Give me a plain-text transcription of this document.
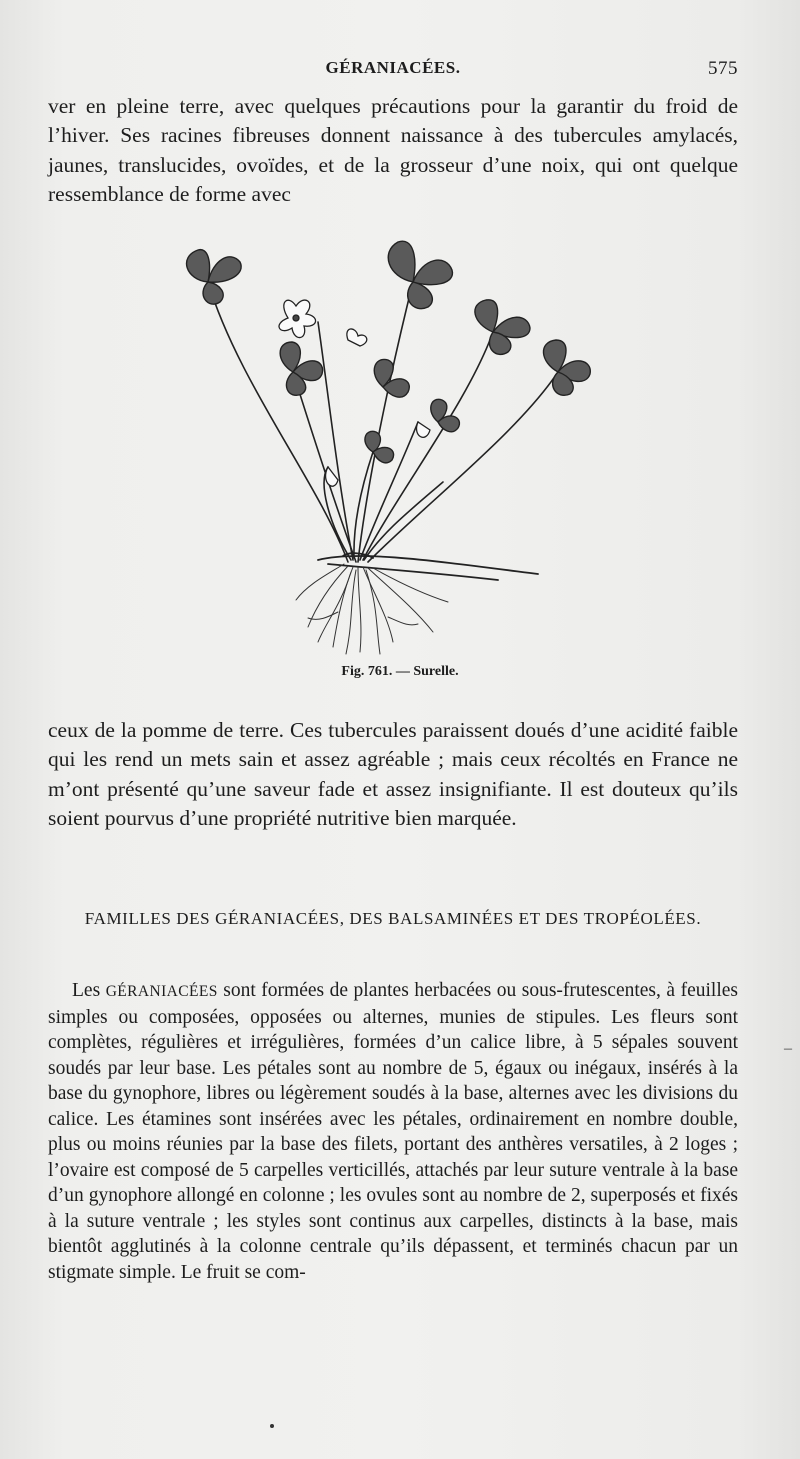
GÉRANIACÉES.	575

ver en pleine terre, avec quelques précautions pour la garantir du froid de l’hiver. Ses racines fibreuses donnent naissance à des tubercules amylacés, jaunes, translucides, ovoïdes, et de la grosseur d’une noix, qui ont quelque ressemblance de forme avec

Fig. 761. — Surelle.

ceux de la pomme de terre. Ces tubercules paraissent doués d’une acidité faible qui les rend un mets sain et assez agréable ; mais ceux récoltés en France ne m’ont présenté qu’une saveur fade et assez insignifiante. Il est douteux qu’ils soient pourvus d’une propriété nutritive bien marquée.

FAMILLES DES GÉRANIACÉES, DES BALSAMINÉES ET DES TROPÉOLÉES.

Les GÉRANIACÉES sont formées de plantes herbacées ou sous-frutescentes, à feuilles simples ou composées, opposées ou alternes, munies de stipules. Les fleurs sont complètes, régulières et irrégulières, formées d’un calice libre, à 5 sépales souvent soudés par leur base. Les pétales sont au nombre de 5, égaux ou inégaux, insérés à la base du gynophore, libres ou légèrement soudés à la base, alternes avec les divisions du calice. Les étamines sont insérées avec les pétales, ordinairement en nombre double, plus ou moins réunies par la base des filets, portant des anthères versatiles, à 2 loges ; l’ovaire est composé de 5 carpelles verticillés, attachés par leur suture ventrale à la base d’un gynophore allongé en colonne ; les ovules sont au nombre de 2, superposés et fixés à la suture ventrale ; les styles sont continus aux carpelles, distincts à la base, mais bientôt agglutinés à la colonne centrale qu’ils dépassent, et terminés chacun par un stigmate simple. Le fruit se com-

–
